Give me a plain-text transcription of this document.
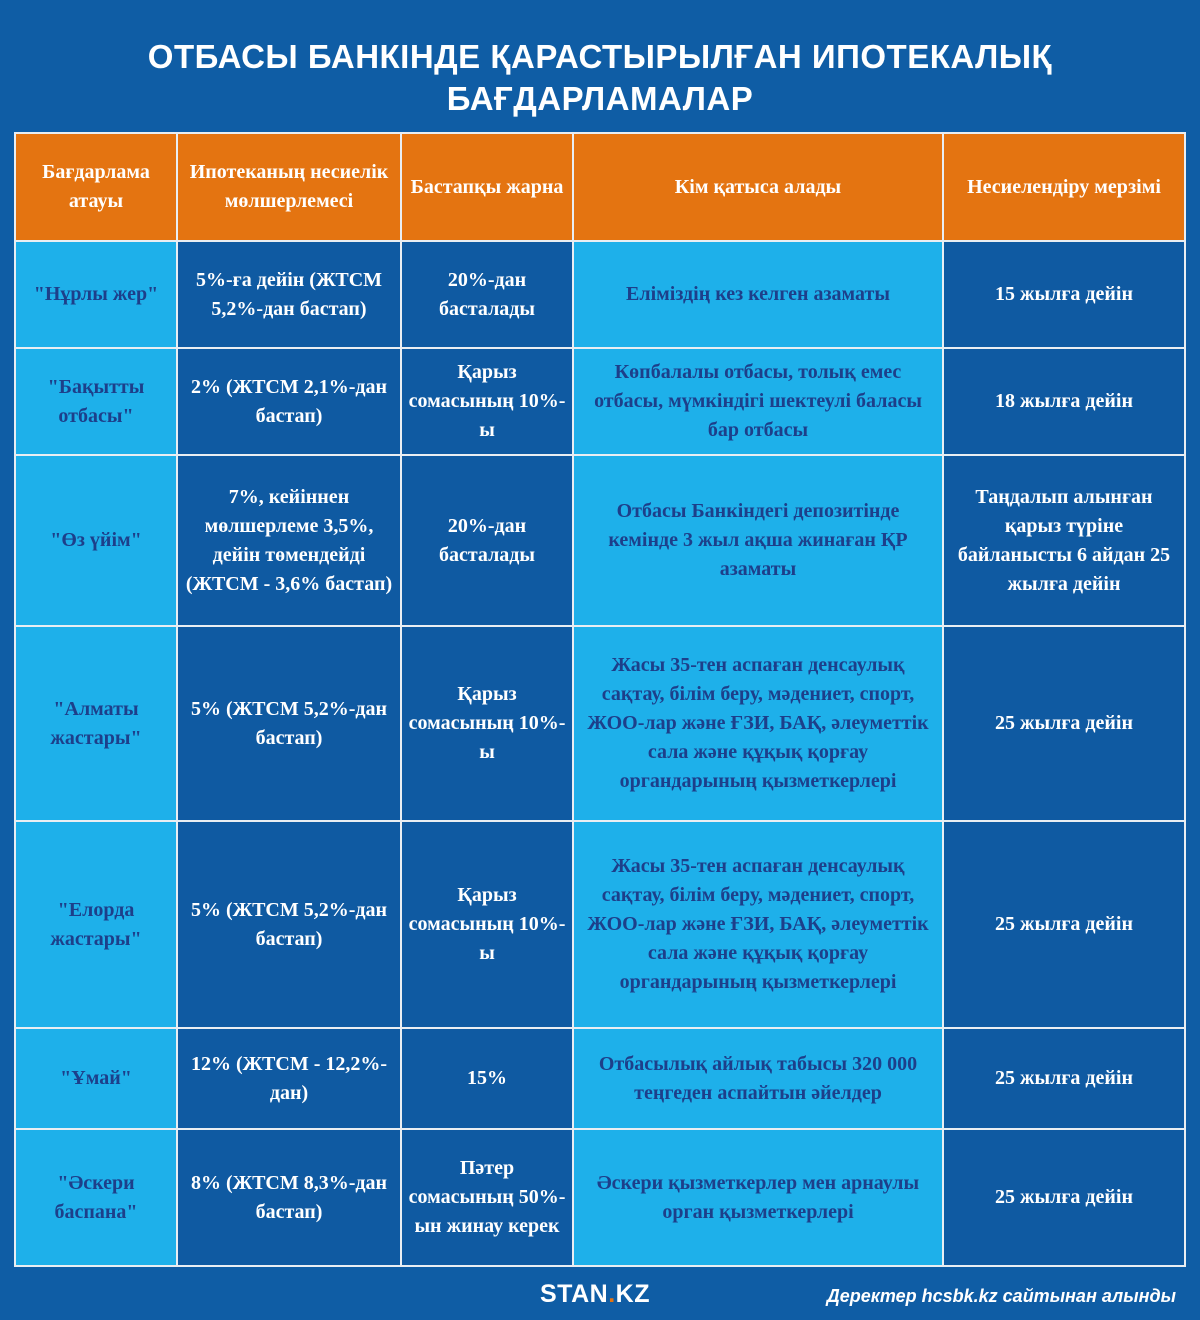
ОТБАСЫ БАНКІНДЕ ҚАРАСТЫРЫЛҒАН ИПОТЕКАЛЫҚ
БАҒДАРЛАМАЛАР
Бағдарлама атауы	Ипотеканың несиелік мөлшерлемесі	Бастапқы жарна	Кім қатыса алады	Несиелендіру мерзімі
"Нұрлы жер"	5%-ға дейін (ЖТСМ 5,2%-дан бастап)	20%-дан басталады	Еліміздің кез келген азаматы	15 жылға дейін
"Бақытты отбасы"	2% (ЖТСМ 2,1%-дан бастап)	Қарыз сомасының 10%-ы	Көпбалалы отбасы, толық емес отбасы, мүмкіндігі шектеулі баласы бар отбасы	18 жылға дейін
"Өз үйім"	7%, кейіннен мөлшерлеме 3,5%, дейін төмендейді (ЖТСМ - 3,6% бастап)	20%-дан басталады	Отбасы Банкіндегі депозитінде кемінде 3 жыл ақша жинаған ҚР азаматы	Таңдалып алынған қарыз түріне байланысты 6 айдан 25 жылға дейін
"Алматы жастары"	5% (ЖТСМ 5,2%-дан бастап)	Қарыз сомасының 10%-ы	Жасы 35-тен аспаған денсаулық сақтау, білім беру, мәдениет, спорт, ЖОО-лар және ҒЗИ, БАҚ, әлеуметтік сала және құқық қорғау органдарының қызметкерлері	25 жылға дейін
"Елорда жастары"	5% (ЖТСМ 5,2%-дан бастап)	Қарыз сомасының 10%-ы	Жасы 35-тен аспаған денсаулық сақтау, білім беру, мәдениет, спорт, ЖОО-лар және ҒЗИ, БАҚ, әлеуметтік сала және құқық қорғау органдарының қызметкерлері	25 жылға дейін
"Ұмай"	12% (ЖТСМ - 12,2%-дан)	15%	Отбасылық айлық табысы 320 000 теңгеден аспайтын әйелдер	25 жылға дейін
"Әскери баспана"	8% (ЖТСМ 8,3%-дан бастап)	Пәтер сомасының 50%-ын жинау керек	Әскери қызметкерлер мен арнаулы орган қызметкерлері	25 жылға дейін
STAN.KZ	Деректер hcsbk.kz сайтынан алынды
